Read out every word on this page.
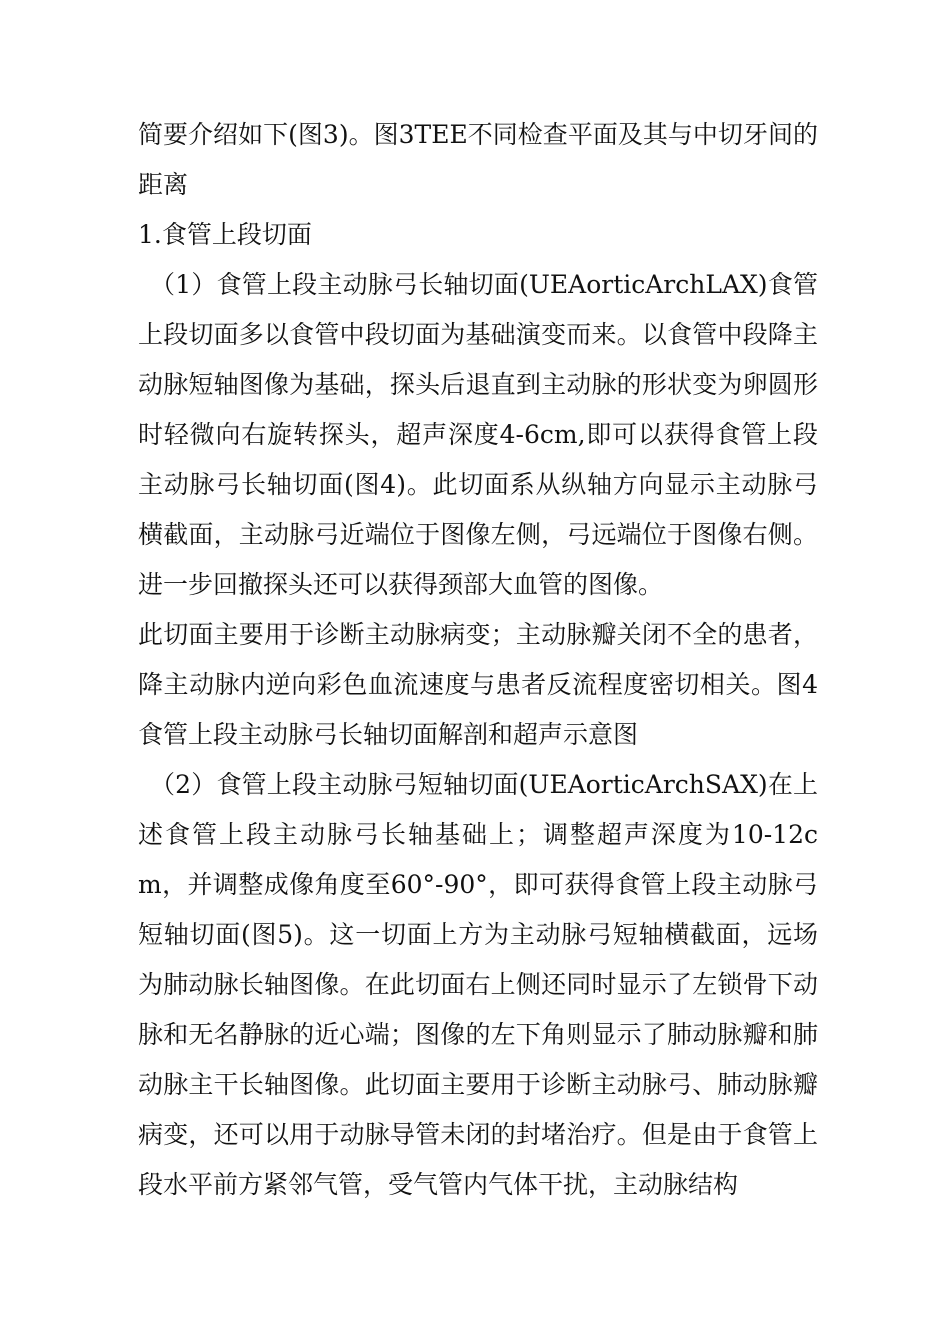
简要介绍如下(图3)。图3TEE不同检查平面及其与中切牙间的距离

1.食管上段切面

（1）食管上段主动脉弓长轴切面(UEAorticArchLAX)食管上段切面多以食管中段切面为基础演变而来。以食管中段降主动脉短轴图像为基础，探头后退直到主动脉的形状变为卵圆形时轻微向右旋转探头，超声深度4-6cm,即可以获得食管上段主动脉弓长轴切面(图4)。此切面系从纵轴方向显示主动脉弓横截面，主动脉弓近端位于图像左侧，弓远端位于图像右侧。进一步回撤探头还可以获得颈部大血管的图像。

此切面主要用于诊断主动脉病变；主动脉瓣关闭不全的患者，降主动脉内逆向彩色血流速度与患者反流程度密切相关。图4食管上段主动脉弓长轴切面解剖和超声示意图

（2）食管上段主动脉弓短轴切面(UEAorticArchSAX)在上述食管上段主动脉弓长轴基础上；调整超声深度为10-12cm，并调整成像角度至60°-90°，即可获得食管上段主动脉弓短轴切面(图5)。这一切面上方为主动脉弓短轴横截面，远场为肺动脉长轴图像。在此切面右上侧还同时显示了左锁骨下动脉和无名静脉的近心端；图像的左下角则显示了肺动脉瓣和肺动脉主干长轴图像。此切面主要用于诊断主动脉弓、肺动脉瓣病变，还可以用于动脉导管未闭的封堵治疗。但是由于食管上段水平前方紧邻气管，受气管内气体干扰，主动脉结构
